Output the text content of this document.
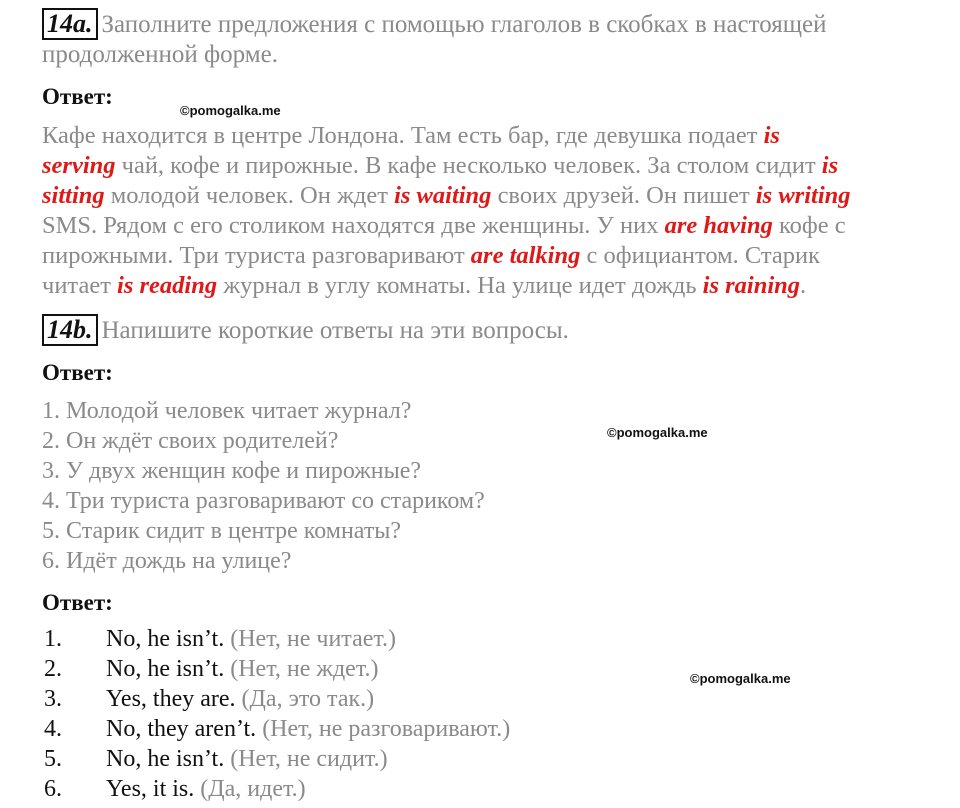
14a. Заполните предложения с помощью глаголов в скобках в настоящей
продолженной форме.
Ответ:
©pomogalka.me
Кафе находится в центре Лондона. Там есть бар, где девушка подает is
serving чай, кофе и пирожные. В кафе несколько человек. За столом сидит is
sitting молодой человек. Он ждет is waiting своих друзей. Он пишет is writing
SMS. Рядом с его столиком находятся две женщины. У них are having кофе с
пирожными. Три туриста разговаривают are talking с официантом. Старик
читает is reading журнал в углу комнаты. На улице идет дождь is raining.
14b. Напишите короткие ответы на эти вопросы.
Ответ:
1. Молодой человек читает журнал?
2. Он ждёт своих родителей?
3. У двух женщин кофе и пирожные?
4. Три туриста разговаривают со стариком?
5. Старик сидит в центре комнаты?
6. Идёт дождь на улице?
©pomogalka.me
Ответ:
1. No, he isn’t. (Нет, не читает.)
2. No, he isn’t. (Нет, не ждет.)
3. Yes, they are. (Да, это так.)
4. No, they aren’t. (Нет, не разговаривают.)
5. No, he isn’t. (Нет, не сидит.)
6. Yes, it is. (Да, идет.)
©pomogalka.me
